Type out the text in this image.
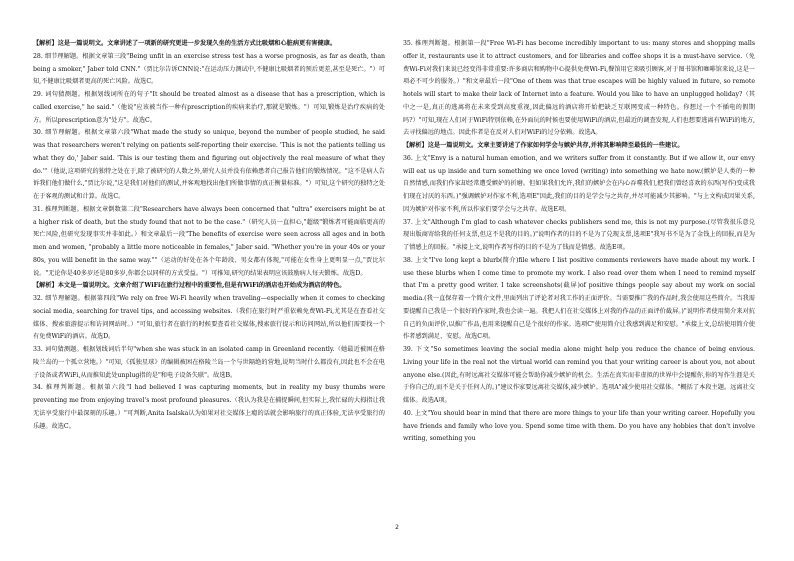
【解析】这是一篇说明文。文章讲述了一项新的研究更进一步发现久坐的生活方式比吸烟和心脏病更有害健康。

28. 细节理解题。根据文章第三段"Being unfit in an exercise stress test has a worse prognosis, as far as death, than being a smoker," Jaber told CNN."（贾比尔告诉CNN说:"在运动压力测试中,不健康比吸烟者的预后更差,甚至是死亡。"）可知,不健康比吸烟者更高的死亡风险。故选C。

29. 词句猜测题。根据划线词所在的句子"It should be treated almost as a disease that has a prescription, which is called exercise," he said."（他说"应该被当作一种有prescription的疾病来治疗,那就是锻炼。"）可知,锻炼是治疗疾病的处方。所以prescription意为"处方"。故选C。

30. 细节理解题。根据文章第六段"What made the study so unique, beyond the number of people studied, he said was that researchers weren't relying on patients self-reporting their exercise. 'This is not the patients telling us what they do,' Jaber said. 'This is our testing them and figuring out objectively the real measure of what they do.'"（他说,这项研究的独特之处在于,除了被研究的人数之外,研究人员并没有依赖患者自己报告他们的锻炼情况。"这不是病人告诉我们他们做什么,"贾比尔说,"这是我们对他们的测试,并客观地找出他们所做事情的真正衡量标准。"）可知,这个研究的独特之处在于客观的测试和计算。故选C。

31. 推理判断题。根据文章倒数第二段"Researchers have always been concerned that "ultra" exercisers might be at a higher risk of death, but the study found that not to be the case."（研究人员一直担心,"超级"锻炼者可能面临更高的死亡风险,但研究发现事实并非如此。）和文章最后一段"The benefits of exercise were seen across all ages and in both men and women, "probably a little more noticeable in females," Jaber said. "Whether you're in your 40s or your 80s, you will benefit in the same way.""（运动的好处在各个年龄段、男女都有体现,"可能在女性身上更明显一点,"贾比尔说。"无论你是40多岁还是80多岁,你都会以同样的方式受益。"）可推知,研究的结果表明应该鼓励病人每天锻炼。故选D。

【解析】本文是一篇说明文。文章介绍了WiFi在旅行过程中的重要性,但是有WiFi的酒店也开始成为酒店的特色。

32. 细节理解题。根据第四段"We rely on free Wi-Fi heavily when traveling—especially when it comes to checking social media, searching for travel tips, and accessing websites.（我们在旅行时严重依赖免费Wi-Fi,尤其是在查看社交媒体、搜索旅游提示和访问网站时。）"可知,旅行者在旅行的时候要查看社交媒体,搜索旅行提示和访问网站,所以他们需要找一个有免费WiFi的酒店。故选D。

33. 词句猜测题。根据划线词后半句"when she was stuck in an isolated camp in Greenland recently.（她最近被困在格陵兰岛的一个孤立营地。）"可知,《孤独星球》的编辑被困在格陵兰岛一个与世隔绝的营地,说明当时什么都没有,因此也不会在电子设备或者WiFi,从而推知此处unplug指的是"和电子设备失联"。故选B。

34. 推理判断题。根据第六段"I had believed I was capturing moments, but in reality my busy thumbs were preventing me from enjoying travel's most profound pleasures.（我认为我是在捕捉瞬间,但实际上,我忙碌的大拇指让我无法享受旅行中最深刻的乐趣。）"可判断,Anita Isalska认为如果对社交媒体上瘾的话就会影响旅行的真正体验,无法享受旅行的乐趣。故选C。

35. 推理判断题。根据第一段"Free Wi-Fi has become incredibly important to us: many stores and shopping malls offer it, restaurants use it to attract customers, and for libraries and coffee shops it is a must-have service.（免费Wi-Fi对我们来说已经变得非常重要:许多商店和购物中心提供免费Wi-Fi,餐馆用它来吸引顾客,对于图书馆和咖啡馆来说,这是一项必不可少的服务。）"和文章最后一段"One of them was that true escapes will be highly valued in future, so remote hotels will start to make their lack of Internet into a feature. Would you like to have an unplugged holiday?（其中之一是,真正的逃离将在未来受到高度重视,因此偏远的酒店将开始把缺乏互联网变成一种特色。你想过一个不插电的假期吗?）"可知,现在人们对于WiFi特别依赖,在外面玩的时候也要使用WiFi的酒店,但最近的调查发现,人们也想要逃离有WiFi的地方,去寻找偏远的地点。因此作者是在反对人们对WiFi的过分依赖。故选A。

【解析】这是一篇说明文。文章主要讲述了作家如何学会与嫉妒共存,并将其影响降至最低的一些建议。

36. 上文"Envy is a natural human emotion, and we writers suffer from it constantly. But if we allow it, our envy will eat us up inside and turn something we once loved (writing) into something we hate now.(嫉妒是人类的一种自然情感,而我们作家却经常遭受嫉妒的折磨。但如果我们允许,我们的嫉妒会在内心吞噬我们,把我们曾经喜欢的东西(写作)变成我们现在讨厌的东西。)"强调嫉妒对作家不利,选项E"因此,我们的目的是学会与之共存,并尽可能减少其影响。"与上文构成因果关系,因为嫉妒对作家不利,所以作家们要学会与之共存。故选E项。

37. 上文"Although I'm glad to cash whatever checks publishers send me, this is not my purpose.(尽管我很乐意兑现出版商寄给我的任何支票,但这不是我的目的。)"说明作者的目的不是为了兑现支票,选项E"我写书不是为了金钱上的回报,而是为了情感上的回报。"承接上文,说明作者写作的目的不是为了钱而是情感。故选E项。

38. 上文"I've long kept a blurb(简介)file where I list positive comments reviewers have made about my work. I use these blurbs when I come time to promote my work. I also read over them when I need to remind myself that I'm a pretty good writer. I take screenshots(截屏)of positive things people say about my work on social media.(我一直保存着一个简介文件,里面列出了评论者对我工作的正面评价。当需要推广我的作品时,我会使用这些简介。当我需要提醒自己我是一个很好的作家时,我也会读一遍。我把人们在社交媒体上对我的作品的正面评价截屏。)"说明作者使用简介来对抗自己的负面评价,以推广作品,也用来提醒自己是个很好的作家。选项C"使用简介让我感到满足和安慰。"承接上文,总结使用简介使作者感到满足、安慰。故选C项。

39. 下文"So sometimes leaving the social media alone might help you reduce the chance of being envious. Living your life in the real not the virtual world can remind you that your writing career is about you, not about anyone else.(因此,有时远离社交媒体可能会帮助你减少嫉妒的机会。生活在真实而非虚拟的世界中会提醒你,你的写作生涯是关于你自己的,而不是关于任何人的。)"建议作家要远离社交媒体,减少嫉妒。选项A"减少使用社交媒体。"概括了本段主题。远离社交媒体。故选A项。

40. 上文"You should bear in mind that there are more things to your life than your writing career. Hopefully you have friends and family who love you. Spend some time with them. Do you have any hobbies that don't involve writing, something you

2
